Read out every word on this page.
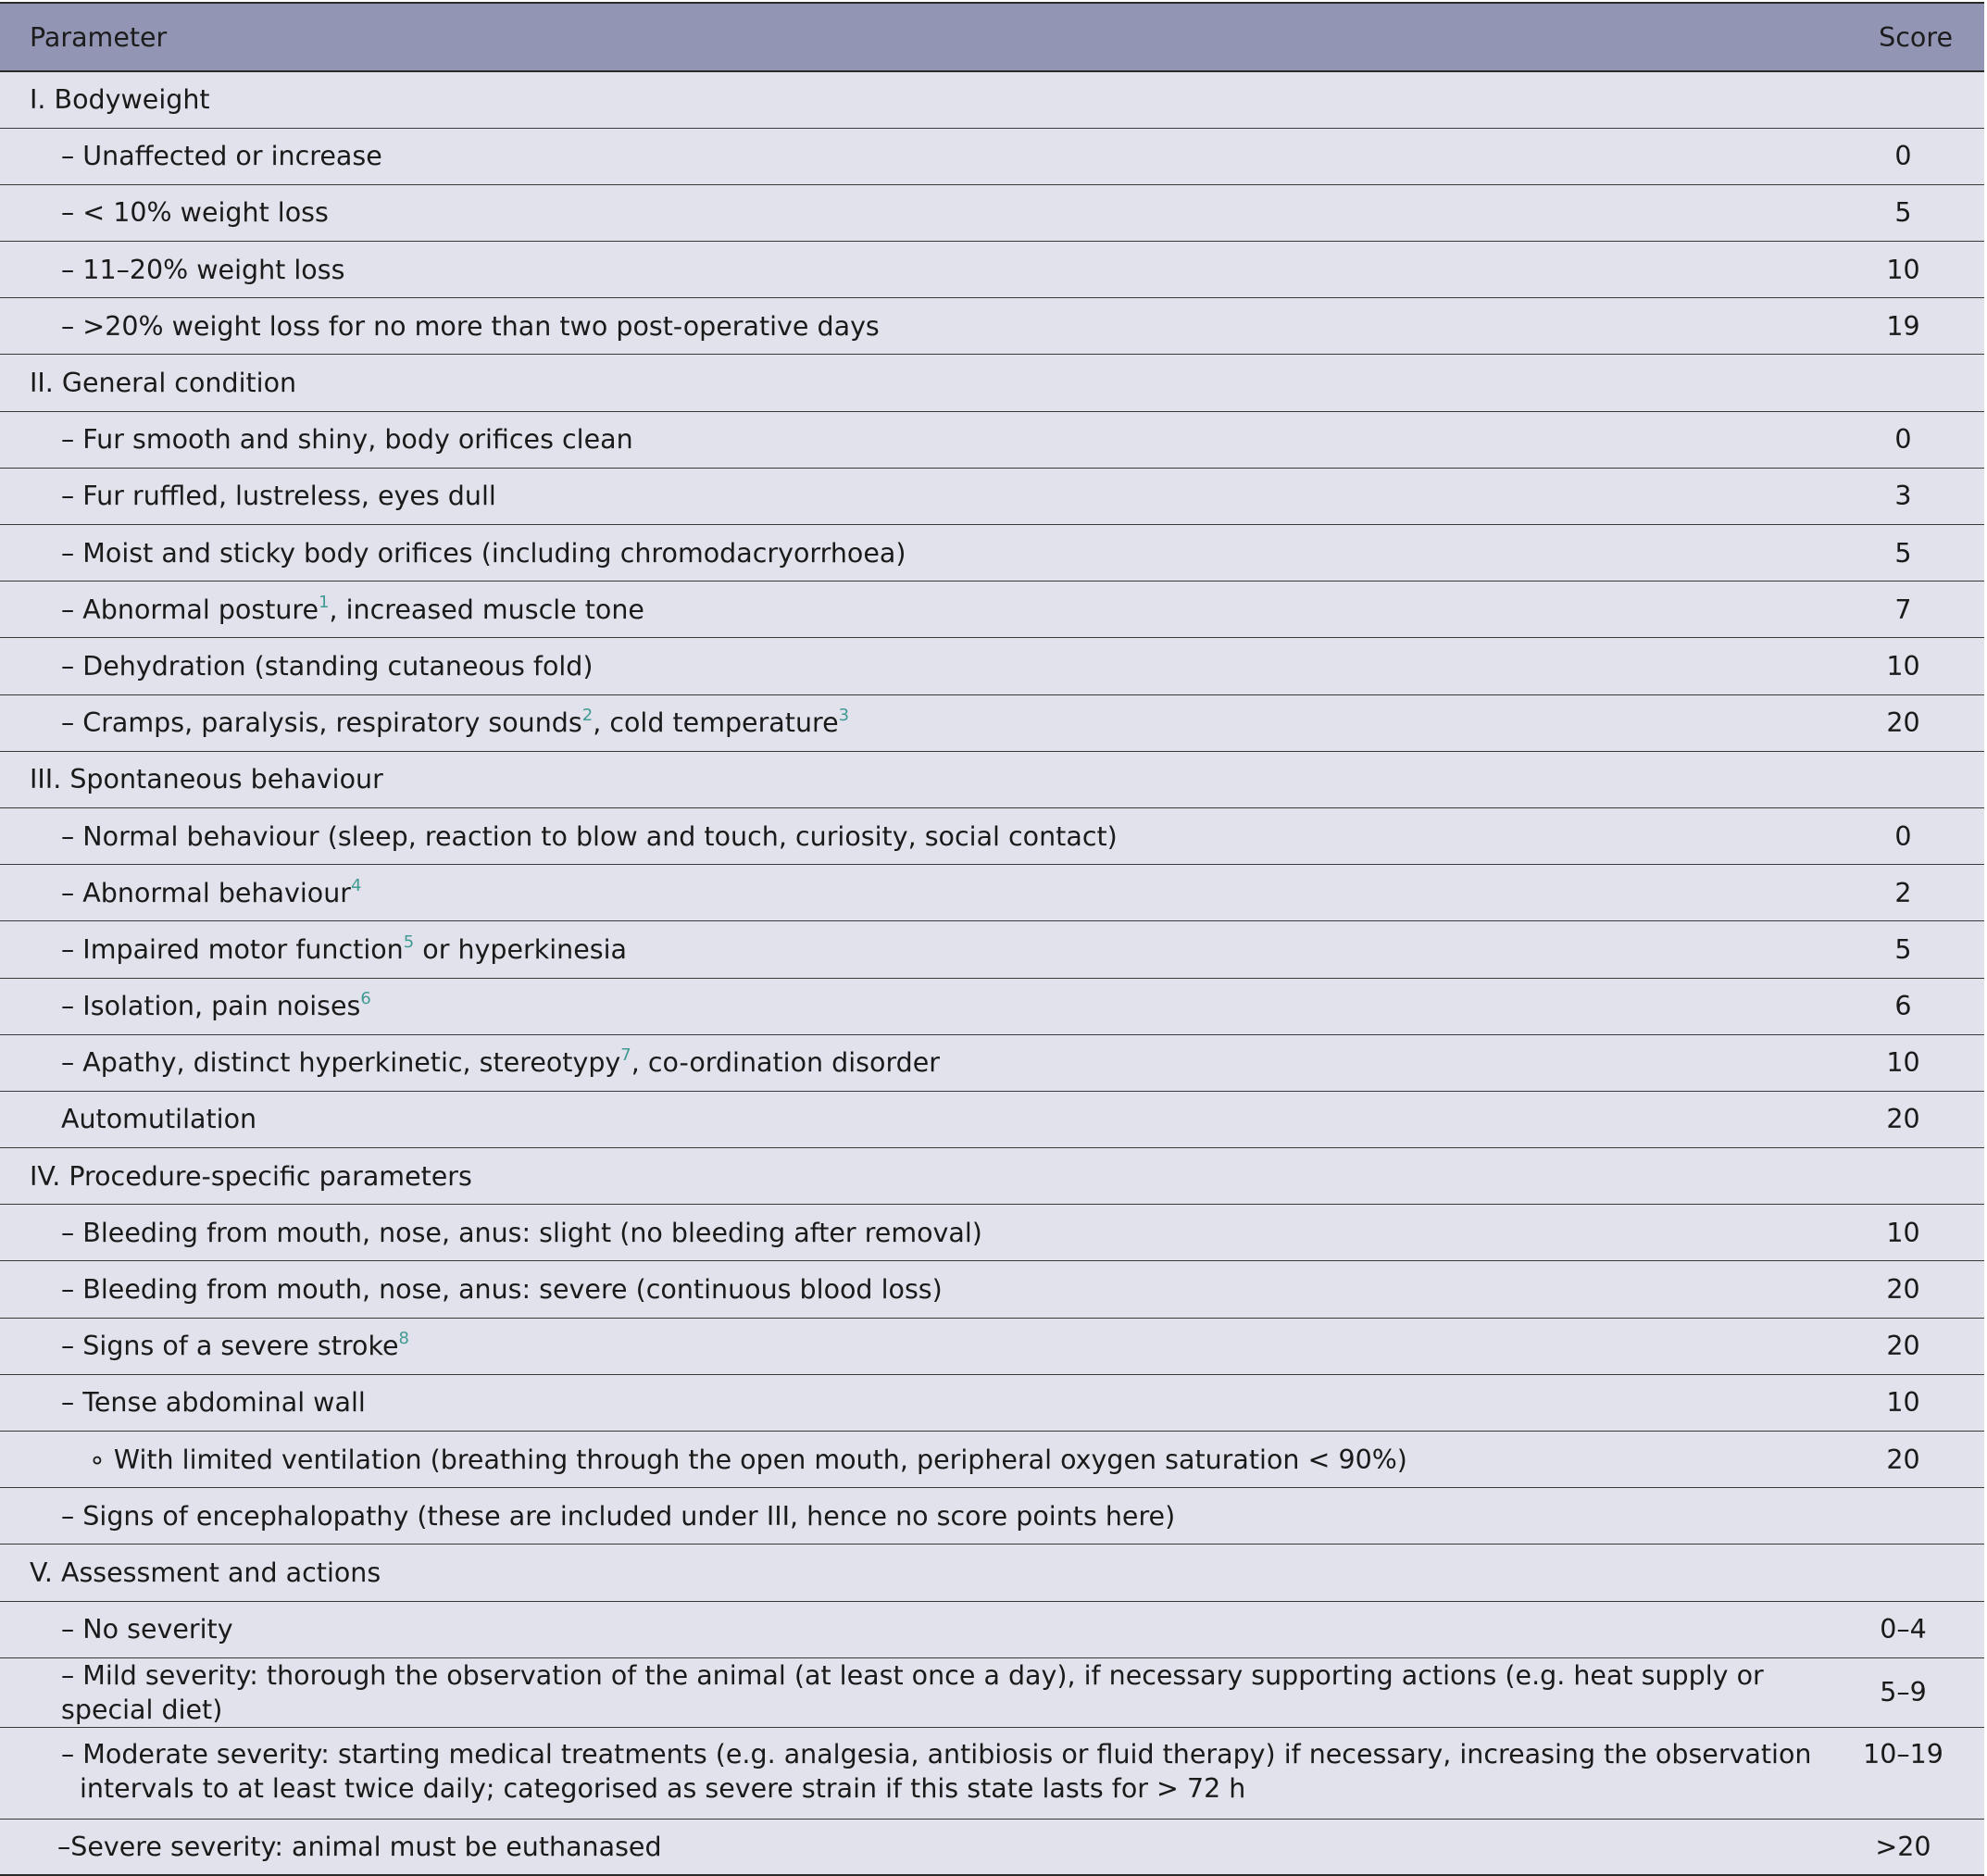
Parameter	Score
I. Bodyweight	
– Unaffected or increase	0
– < 10% weight loss	5
– 11–20% weight loss	10
– >20% weight loss for no more than two post-operative days	19
II. General condition	
– Fur smooth and shiny, body orifices clean	0
– Fur ruffled, lustreless, eyes dull	3
– Moist and sticky body orifices (including chromodacryorrhoea)	5
– Abnormal posture$^1$, increased muscle tone	7
– Dehydration (standing cutaneous fold)	10
– Cramps, paralysis, respiratory sounds$^2$, cold temperature$^3$	20
III. Spontaneous behaviour	
– Normal behaviour (sleep, reaction to blow and touch, curiosity, social contact)	0
– Abnormal behaviour$^4$	2
– Impaired motor function$^5$ or hyperkinesia	5
– Isolation, pain noises$^6$	6
– Apathy, distinct hyperkinetic, stereotypy$^7$, co-ordination disorder	10
Automutilation	20
IV. Procedure-specific parameters	
– Bleeding from mouth, nose, anus: slight (no bleeding after removal)	10
– Bleeding from mouth, nose, anus: severe (continuous blood loss)	20
– Signs of a severe stroke$^8$	20
– Tense abdominal wall	10
∘ With limited ventilation (breathing through the open mouth, peripheral oxygen saturation < 90%)	20
– Signs of encephalopathy (these are included under III, hence no score points here)	
V. Assessment and actions	
– No severity	0–4
– Mild severity: thorough the observation of the animal (at least once a day), if necessary supporting actions (e.g. heat supply or special diet)	5–9

– Moderate severity: starting medical treatments (e.g. analgesia, antibiosis or fluid therapy) if necessary, increasing the observation intervals to at least twice daily; categorised as severe strain if this state lasts for > 72 h	10–19
–Severe severity: animal must be euthanased	>20
